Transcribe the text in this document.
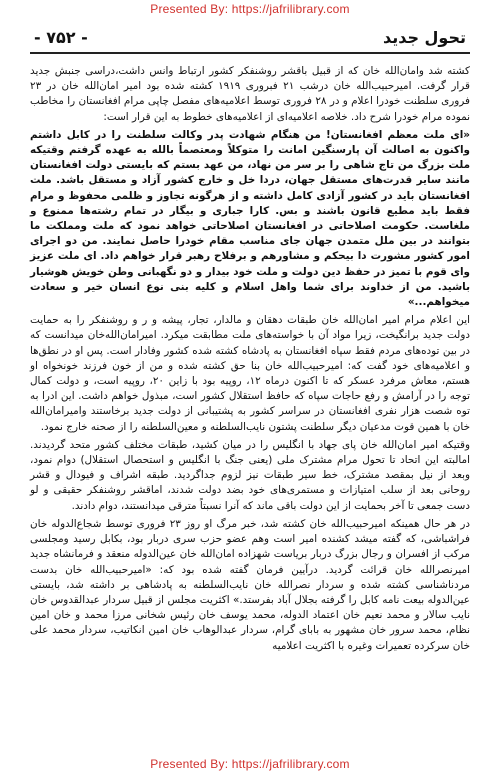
Presented By: https://jafrilibrary.com
تحول جدید
- ۷۵۲ -

کشته شد وامان‌الله خان که از قبیل باقشر روشنفکر کشور ارتباط وانس داشت،دراسی جنبش جدید قرار گرفت. امیرحبیب‌الله خان درشب ۲۱ فبروری ۱۹۱۹ کشته شده بود امیر امان‌الله خان در ۲۳ فروری سلطنت خودرا اعلام و در ۲۸ فروری توسط اعلامیه‌های مفصل چاپی مرام افغانستان را مخاطب نموده مرام خودرا شرح داد. خلاصه اعلامیه‌ای از اعلامیه‌های خطوط به این قرار است:

«ای ملت معظم افغانستان! من هنگام شهادت پدر وکالت سلطنت را در کابل داشتم واکنون به اصالت آن پارسنگین امانت را متوکلاً ومعتصماً بالله به عهده گرفتم وقتیکه ملت بزرگ من تاج شاهی را بر سر من نهاد، من عهد بستم که بایستی دولت افغانستان مانند سایر قدرت‌های مستقل جهان، دردا خل و خارج کشور آزاد و مستقل باشد. ملت افغانستان باید در کشور آزادی کامل داشته و از هرگونه تجاوز و ظلمی محفوظ و مرام فقط باید مطیع قانون باشند و بس. کارا جباری و بیگار در تمام رشته‌ها ممنوع و ملغاست. حکومت اصلاحاتی در افغانستان اصلاحاتی خواهد نمود که ملت ومملکت ما بتوانند در بین ملل متمدن جهان جای مناسب مقام خودرا حاصل نمایند. من دو اجرای امور کشور مشورت دا بیحکم و مشاورهم و برفلاح رهبر قرار خواهم داد. ای ملت عزیز وای قوم با تمیز در حفظ دین دولت و ملت خود بیدار و دو نگهبانی وطن خویش هوشیار باشید. من از خداوند برای شما واهل اسلام و کلیه بنی نوع انسان خیر و سعادت میخواهم...»

این اعلام مرام امیر امان‌الله خان طبقات دهقان و مالدار، تجار، پیشه و ر و روشنفکر را به حمایت دولت جدید برانگیخت، زیرا مواد آن با خواسته‌های ملت مطابقت میکرد. امیرامان‌الله‌خان میدانست که در بین توده‌های مردم فقط سپاه افغانستان به پادشاه کشته شده کشور وفادار است. پس او در نطق‌ها و اعلامیه‌های خود گفت که: امیرحبیب‌الله خان بنا حق کشته شده و من از خون فرزند خونخواه او هستم، معاش مرفرد عسکر که تا اکنون درماه ۱۲، روپیه بود با زاین ۲۰، روپیه است، و دولت کمال توجه را در آرامش و رفع حاجات سپاه که حافظ استقلال کشور است، مبذول خواهم داشت. این ادرا به توه شصت هزار نفری افغانستان در سراسر کشور به پشتیبانی از دولت جدید برخاستند وامیرامان‌الله خان با همین قوت مدعیان دیگر سلطنت پشتون نایب‌السلطنه و معین‌السلطنه را از صحنه خارج نمود.

وقتیکه امیر امان‌الله خان پای جهاد با انگلیس را در میان کشید، طبقات مختلف کشور متحد گردیدند. امالبته این اتحاد تا تحول مرام مشترک ملی (یعنی جنگ با انگلیس و استحصال استقلال) دوام نمود، وبعد از نیل بمقصد مشترک، خط سیر طبقات نیز لزوم جداگردید. طبقه اشراف و فیودال و قشر روحانی بعد از سلب امتیازات و مستمری‌های خود بضد دولت شدند، اماقشر روشنفکر حقیقی و لو دست جمعی تا آخر بحمایت از این دولت باقی ماند که آنرا نسبتاً مترقی میدانستند، دوام دادند.

در هر حال همینکه امیرحبیب‌الله خان کشته شد، خبر مرگ او روز ۲۳ فروری توسط شجاع‌الدوله خان فراشباشی، که گفته میشد کشنده امیر است وهم عضو حزب سری دربار بود، بکابل رسید ومجلسی مرکب از افسران و رجال بزرگ دربار بریاست شهزاده امان‌الله خان عین‌الدوله منعقد و فرمانشاه جدید امیرنصرالله خان قرائت گردید. درآیین فرمان گفته شده بود که: «امیرحبیب‌الله خان بدست مردناشناسی کشته شده و سردار نصرالله خان نایب‌السلطنه به پادشاهی بر داشته شد، بایستی عین‌الدوله بیعت نامه کابل را گرفته بجلال آباد بفرستد.» اکثریت مجلس از قبیل سردار عبدالقدوس خان نایب سالار و محمد نعیم خان اعتماد الدوله، محمد یوسف خان رئیس شخانی مرزا محمد و خان امین نظام، محمد سرور خان مشهور به بابای گرام، سردار عبدالوهاب خان امین انکاتیب، سردار محمد علی خان سرکرده تعمیرات وغیره با اکثریت اعلامیه

Presented By: https://jafrilibrary.com
